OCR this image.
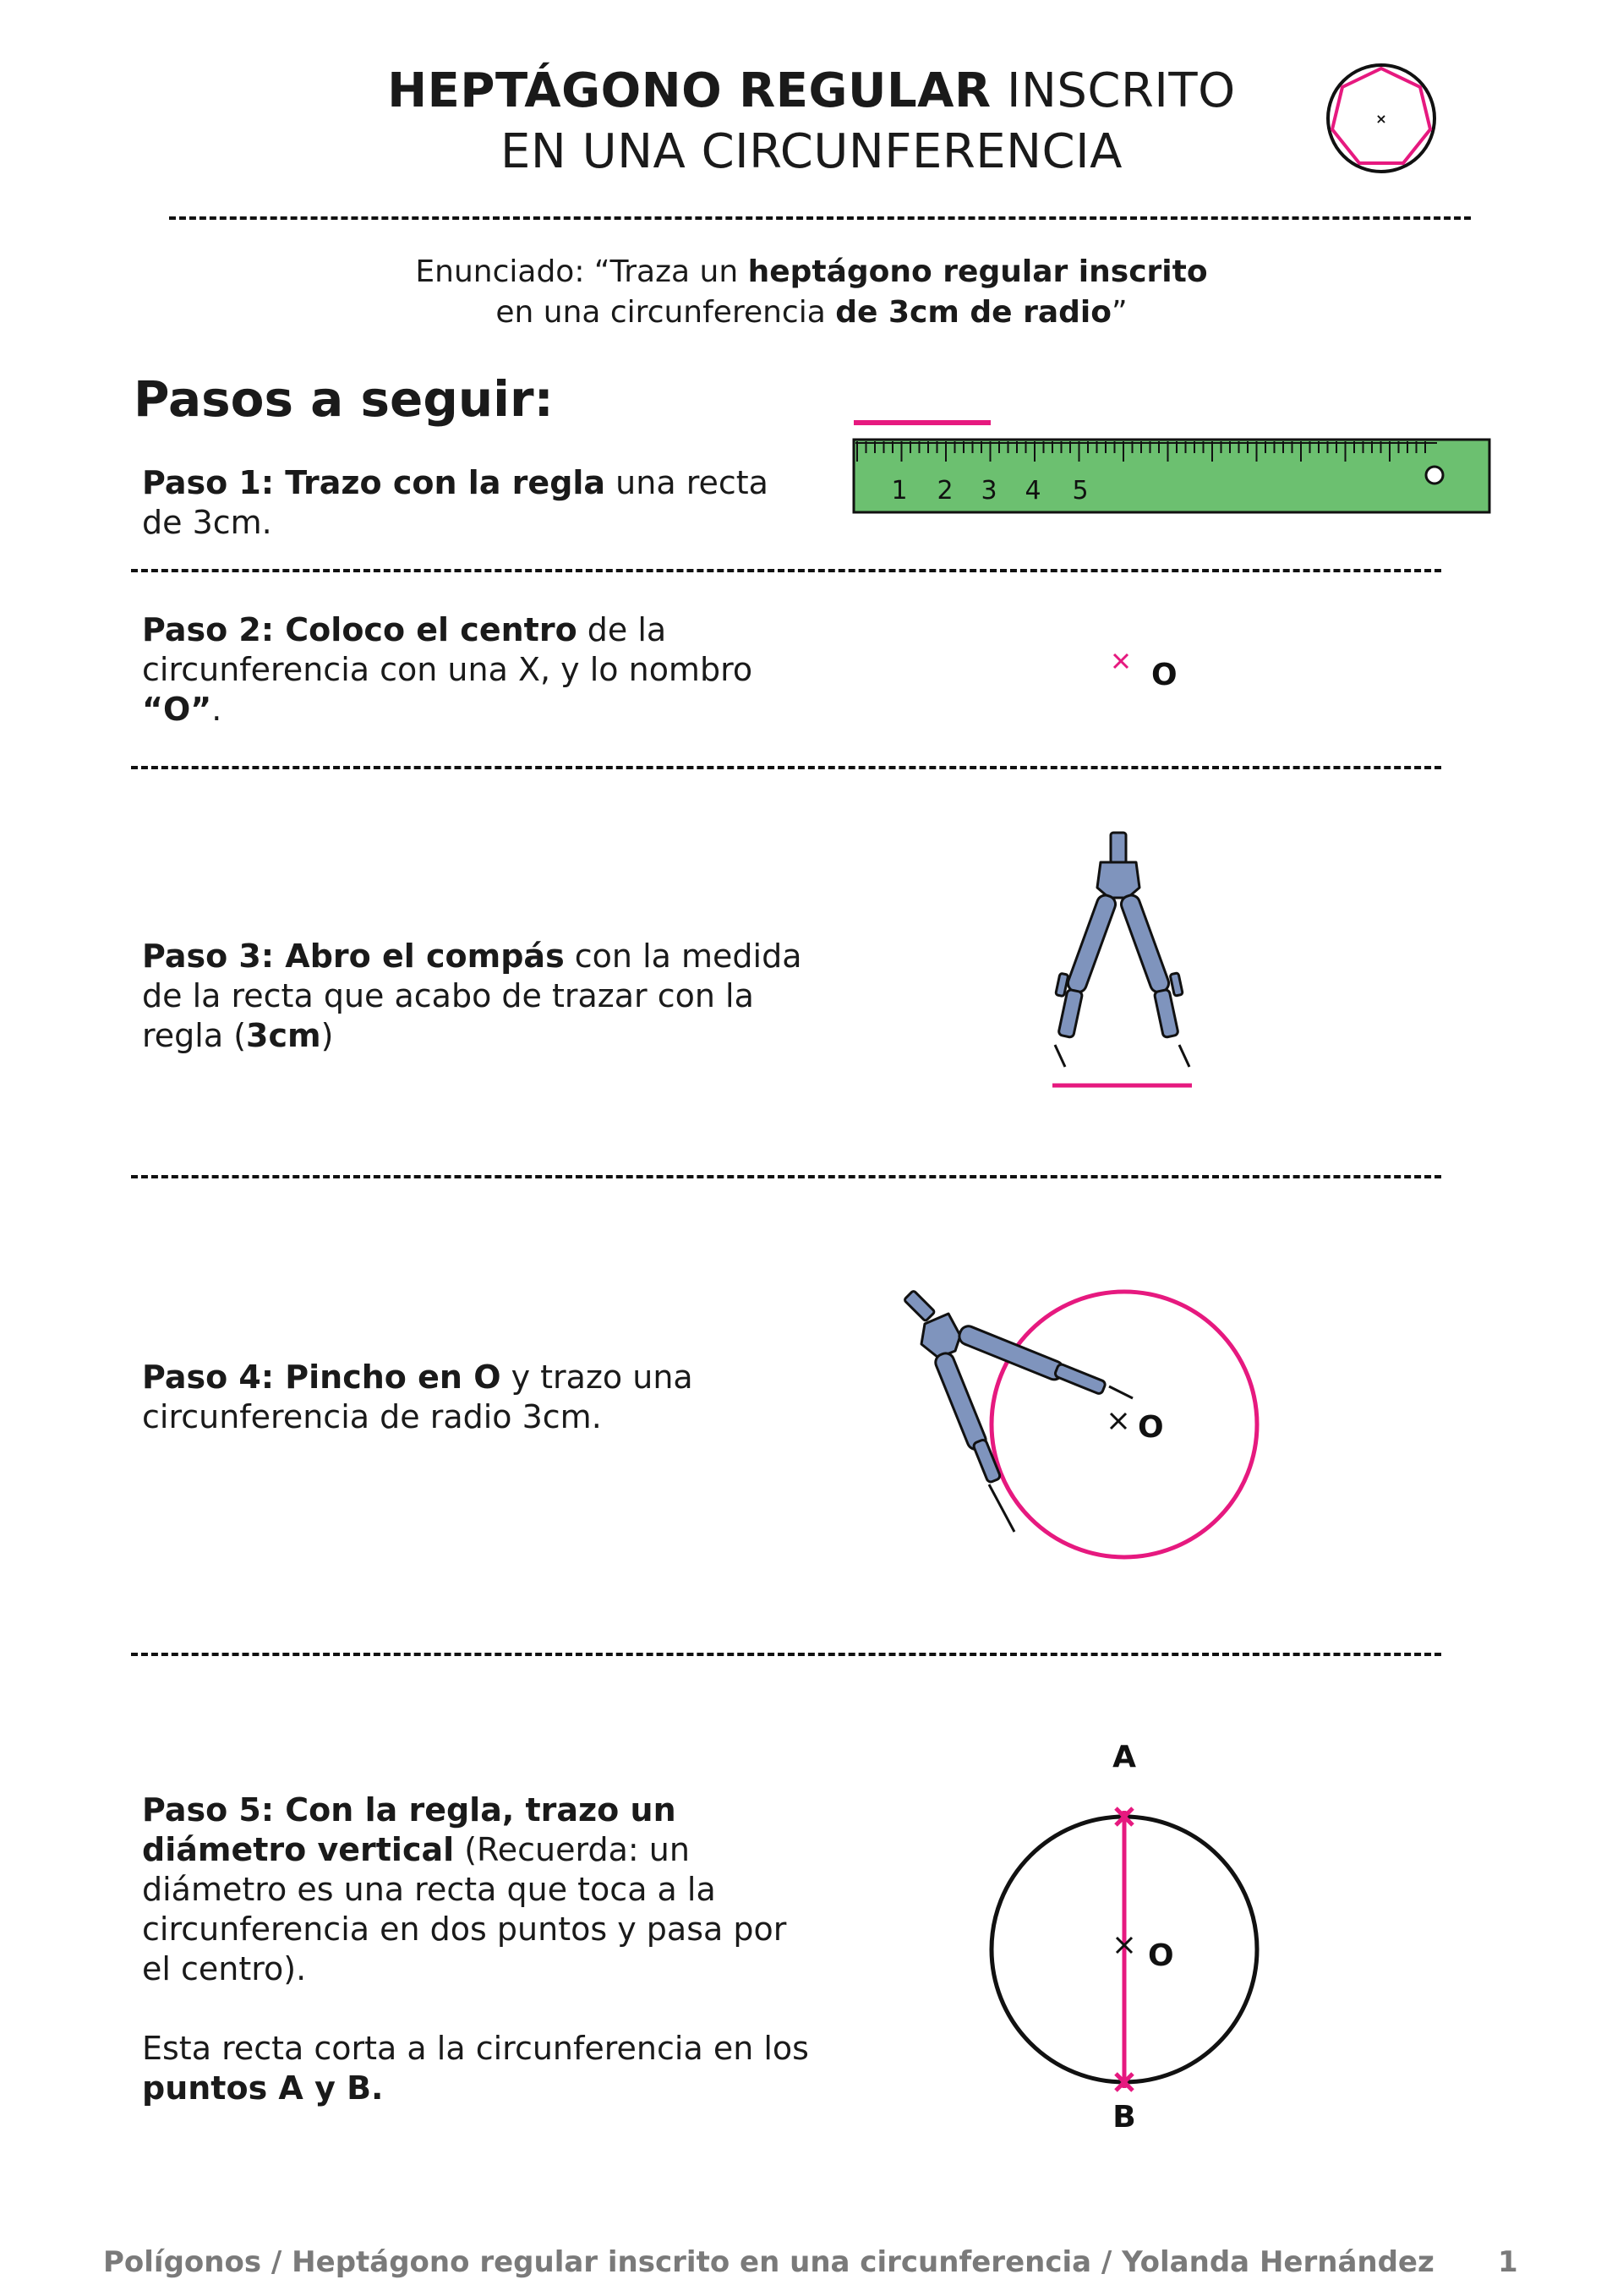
HEPTÁGONO REGULAR INSCRITO
EN UNA CIRCUNFERENCIA
×
Enunciado: “Traza un heptágono regular inscrito
en una circunferencia de 3cm de radio”
Pasos a seguir:
Paso 1: Trazo con la regla una recta de 3cm.
1 2 3 4 5
Paso 2: Coloco el centro de la circunferencia con una X, y lo nombro “O”.
O
Paso 3: Abro el compás con la medida de la recta que acabo de trazar con la regla (3cm)
Paso 4: Pincho en O y trazo una circunferencia de radio 3cm.	O
Paso 5: Con la regla, trazo un diámetro vertical (Recuerda: un diámetro es una recta que toca a la circunferencia en dos puntos y pasa por el centro).
Esta recta corta a la circunferencia en los puntos A y B.
A
O
B
Polígonos / Heptágono regular inscrito en una circunferencia / Yolanda Hernández 1
